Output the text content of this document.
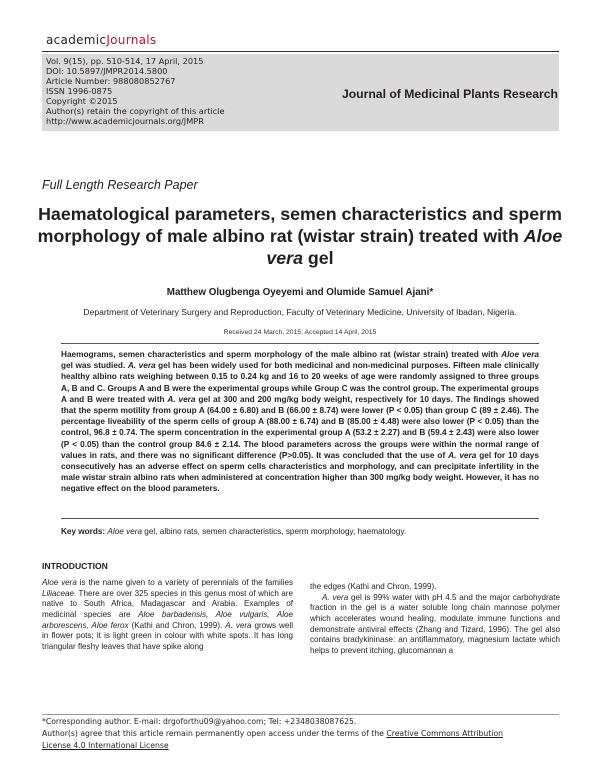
academicJournals
Vol. 9(15), pp. 510-514, 17 April, 2015
DOI: 10.5897/JMPR2014.5800
Article Number: 988080852767
ISSN 1996-0875
Copyright ©2015
Author(s) retain the copyright of this article
http://www.academicjournals.org/JMPR
Journal of Medicinal Plants Research
Full Length Research Paper
Haematological parameters, semen characteristics and sperm morphology of male albino rat (wistar strain) treated with Aloe vera gel
Matthew Olugbenga Oyeyemi and Olumide Samuel Ajani*
Department of Veterinary Surgery and Reproduction, Faculty of Veterinary Medicine, University of Ibadan, Nigeria.
Received 24 March, 2015; Accepted 14 April, 2015
Haemograms, semen characteristics and sperm morphology of the male albino rat (wistar strain) treated with Aloe vera gel was studied. A. vera gel has been widely used for both medicinal and non-medicinal purposes. Fifteen male clinically healthy albino rats weighing between 0.15 to 0.24 kg and 16 to 20 weeks of age were randomly assigned to three groups A, B and C. Groups A and B were the experimental groups while Group C was the control group. The experimental groups A and B were treated with A. vera gel at 300 and 200 mg/kg body weight, respectively for 10 days. The findings showed that the sperm motility from group A (64.00 ± 6.80) and B (66.00 ± 8.74) were lower (P < 0.05) than group C (89 ± 2.46). The percentage liveability of the sperm cells of group A (88.00 ± 6.74) and B (85.00 ± 4.48) were also lower (P < 0.05) than the control, 96.8 ± 0.74. The sperm concentration in the experimental group A (53.2 ± 2.27) and B (59.4 ± 2.43) were also lower (P < 0.05) than the control group 84.6 ± 2.14. The blood parameters across the groups were within the normal range of values in rats, and there was no significant difference (P>0.05). It was concluded that the use of A. vera gel for 10 days consecutively has an adverse effect on sperm cells characteristics and morphology, and can precipitate infertility in the male wistar strain albino rats when administered at concentration higher than 300 mg/kg body weight. However, it has no negative effect on the blood parameters.
Key words: Aloe vera gel, albino rats, semen characteristics, sperm morphology, haematology.
INTRODUCTION
Aloe vera is the name given to a variety of perennials of the families Liliaceae. There are over 325 species in this genus most of which are native to South Africa, Madagascar and Arabia. Examples of medicinal species are Aloe barbadensis, Aloe vulgaris, Aloe arborescens, Aloe ferox (Kathi and Chron, 1999). A. vera grows well in flower pots; it is light green in colour with white spots. It has long triangular fleshy leaves that have spike along
the edges (Kathi and Chron, 1999).
A. vera gel is 99% water with pH 4.5 and the major carbohydrate fraction in the gel is a water soluble long chain mannose polymer which accelerates wound healing, modulate immune functions and demonstrate antiviral effects (Zhang and Tizard, 1996). The gel also contains bradykininase: an antiflammatory, magnesium lactate which helps to prevent itching, glucomannan a
*Corresponding author. E-mail: drgoforthu09@yahoo.com; Tel: +2348038087625.
Author(s) agree that this article remain permanently open access under the terms of the Creative Commons Attribution
License 4.0 International License
